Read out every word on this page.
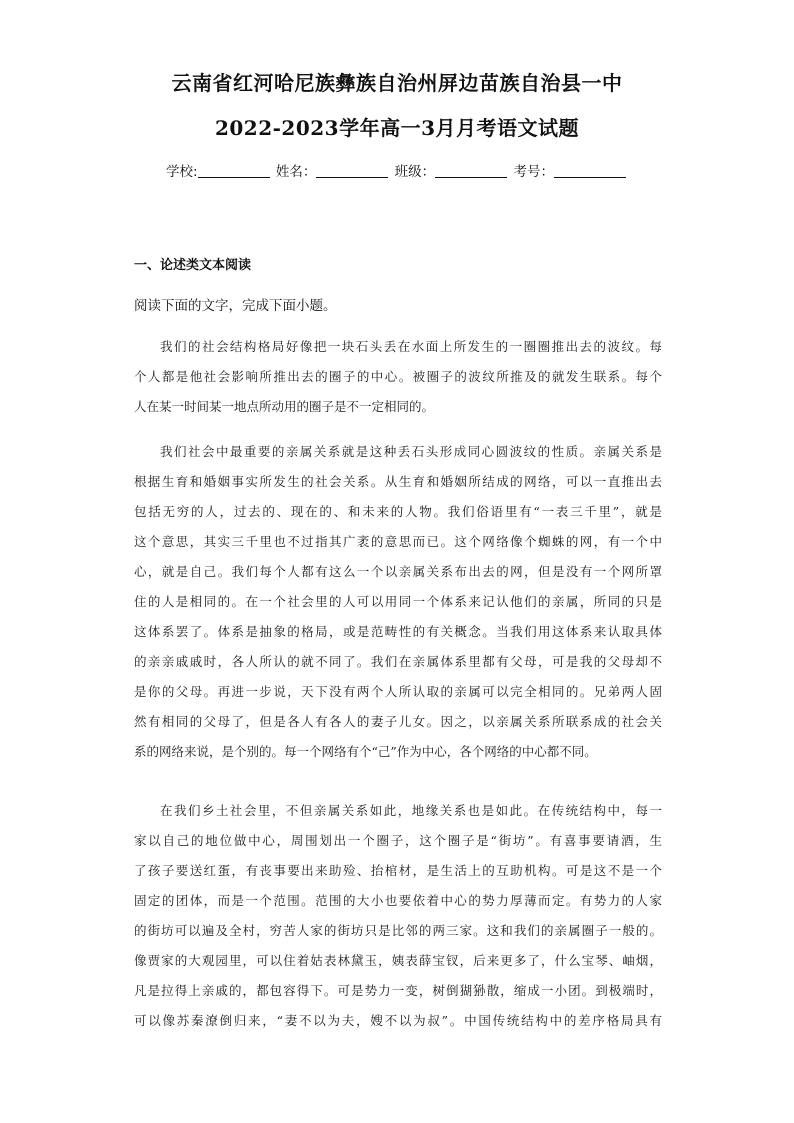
云南省红河哈尼族彝族自治州屏边苗族自治县一中
2022-2023学年高一3月月考语文试题
学校:	姓名：	班级：	考号：
一、论述类文本阅读
阅读下面的文字，完成下面小题。
我们的社会结构格局好像把一块石头丢在水面上所发生的一圈圈推出去的波纹。每
个人都是他社会影响所推出去的圈子的中心。被圈子的波纹所推及的就发生联系。每个
人在某一时间某一地点所动用的圈子是不一定相同的。
我们社会中最重要的亲属关系就是这种丢石头形成同心圆波纹的性质。亲属关系是
根据生育和婚姻事实所发生的社会关系。从生育和婚姻所结成的网络，可以一直推出去
包括无穷的人，过去的、现在的、和未来的人物。我们俗语里有“一表三千里”，就是
这个意思，其实三千里也不过指其广袤的意思而已。这个网络像个蜘蛛的网，有一个中
心，就是自己。我们每个人都有这么一个以亲属关系布出去的网，但是没有一个网所罩
住的人是相同的。在一个社会里的人可以用同一个体系来记认他们的亲属，所同的只是
这体系罢了。体系是抽象的格局，或是范畴性的有关概念。当我们用这体系来认取具体
的亲亲戚戚时，各人所认的就不同了。我们在亲属体系里都有父母，可是我的父母却不
是你的父母。再进一步说，天下没有两个人所认取的亲属可以完全相同的。兄弟两人固
然有相同的父母了，但是各人有各人的妻子儿女。因之，以亲属关系所联系成的社会关
系的网络来说，是个别的。每一个网络有个“己”作为中心，各个网络的中心都不同。
在我们乡土社会里，不但亲属关系如此，地缘关系也是如此。在传统结构中，每一
家以自己的地位做中心，周围划出一个圈子，这个圈子是“街坊”。有喜事要请酒，生
了孩子要送红蛋，有丧事要出来助殓、抬棺材，是生活上的互助机构。可是这不是一个
固定的团体，而是一个范围。范围的大小也要依着中心的势力厚薄而定。有势力的人家
的街坊可以遍及全村，穷苦人家的街坊只是比邻的两三家。这和我们的亲属圈子一般的。
像贾家的大观园里，可以住着姑表林黛玉，姨表薛宝钗，后来更多了，什么宝琴、岫烟，
凡是拉得上亲戚的，都包容得下。可是势力一变，树倒猢狲散，缩成一小团。到极端时，
可以像苏秦潦倒归来，“妻不以为夫，嫂不以为叔”。中国传统结构中的差序格局具有
